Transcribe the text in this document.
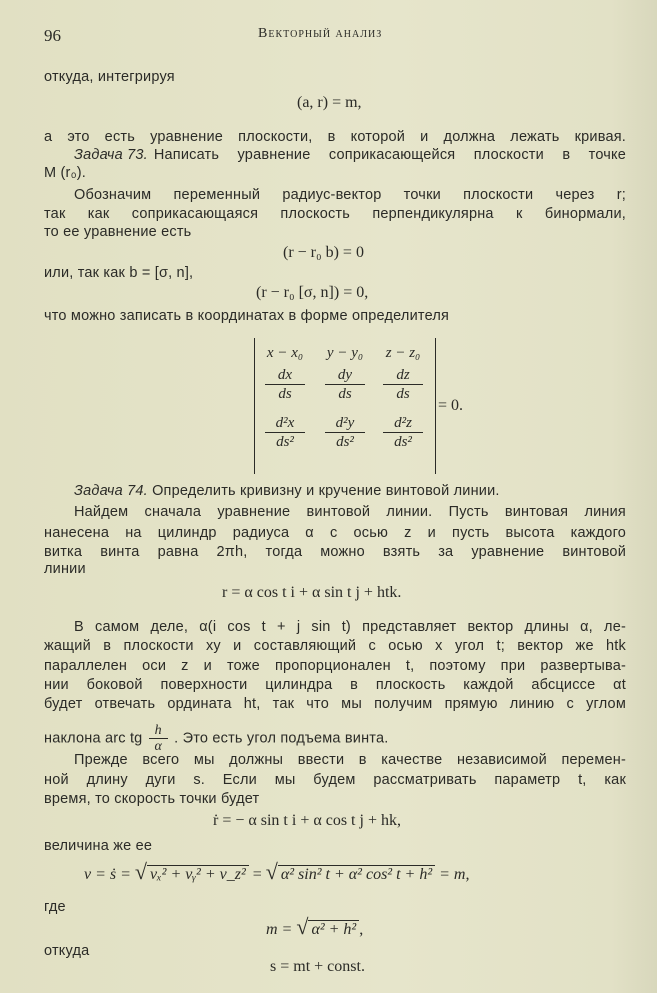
96	Векторный анализ
откуда, интегрируя
(a, r) = m,
а это есть уравнение плоскости, в которой и должна лежать кривая.
Задача 73. Написать уравнение соприкасающейся плоскости в точке
M (r₀).
Обозначим переменный радиус-вектор точки плоскости через r;
так как соприкасающаяся плоскость перпендикулярна к бинормали,
то ее уравнение есть
(r − r₀ b) = 0
или, так как b = [σ, n],
(r − r₀ [σ, n]) = 0,
что можно записать в координатах в форме определителя
x − x₀	y − y₀	z − z₀
$\frac{dx}{ds} \frac{dy}{ds} \frac{dz}{ds}$
$\frac{\text{d²x}}{\text{ds²}} \frac{\text{d²y}}{\text{ds²}} \frac{\text{d²z}}{\text{ds²}}$
= 0.
Задача 74. Определить кривизну и кручение винтовой линии.
Найдем сначала уравнение винтовой линии. Пусть винтовая линия
нанесена на цилиндр радиуса α с осью z и пусть высота каждого
витка винта равна 2πh, тогда можно взять за уравнение винтовой
линии
r = α cos t i + α sin t j + htk.
В самом деле, α(i cos t + j sin t) представляет вектор длины α, ле-
жащий в плоскости xy и составляющий с осью x угол t; вектор же htk
параллелен оси z и тоже пропорционален t, поэтому при развертыва-
нии боковой поверхности цилиндра в плоскость каждой абсциссе αt
будет отвечать ордината ht, так что мы получим прямую линию с углом
наклона arc tg $\frac{h}{\alpha}$ . Это есть угол подъема винта.
Прежде всего мы должны ввести в качестве независимой перемен-
ной длину дуги s. Если мы будем рассматривать параметр t, как
время, то скорость точки будет
ṙ = − α sin t i + α cos t j + hk,
величина же ее
v = ṡ = √ vₓ² + vᵧ² + v_z² = √ α² sin² t + α² cos² t + h² = m,
где
m = √ α² + h² ,
откуда
s = mt + const.
